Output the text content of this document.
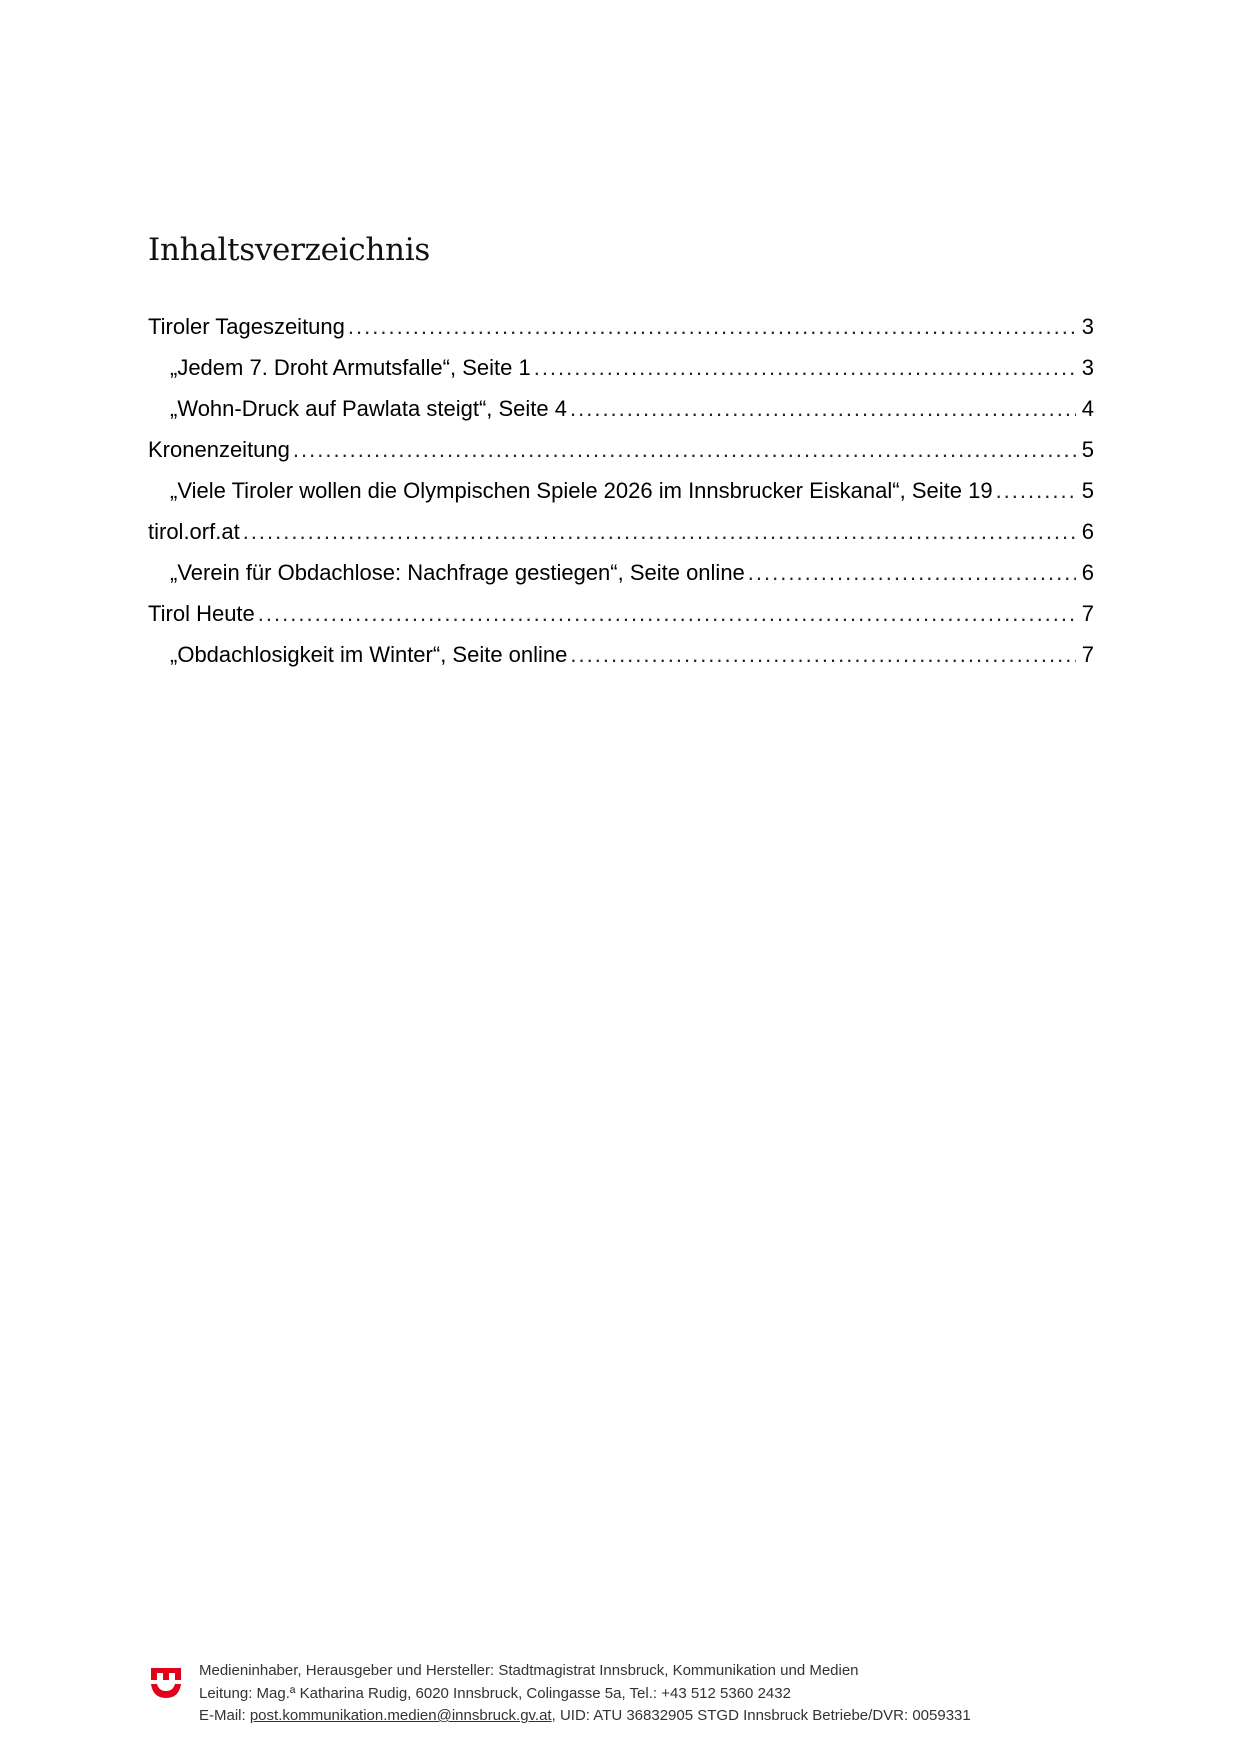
Inhaltsverzeichnis
Tiroler Tageszeitung .....	3
„Jedem 7. Droht Armutsfalle“, Seite 1 .....	3
„Wohn-Druck auf Pawlata steigt“, Seite 4 .....	4
Kronenzeitung .....	5
„Viele Tiroler wollen die Olympischen Spiele 2026 im Innsbrucker Eiskanal“, Seite 19 .....	5
tirol.orf.at .....	6
„Verein für Obdachlose: Nachfrage gestiegen“, Seite online .....	6
Tirol Heute .....	7
„Obdachlosigkeit im Winter“, Seite online .....	7
Medieninhaber, Herausgeber und Hersteller: Stadtmagistrat Innsbruck, Kommunikation und Medien
Leitung: Mag.ª Katharina Rudig, 6020 Innsbruck, Colingasse 5a, Tel.: +43 512 5360 2432
E-Mail: post.kommunikation.medien@innsbruck.gv.at, UID: ATU 36832905 STGD Innsbruck Betriebe/DVR: 0059331
